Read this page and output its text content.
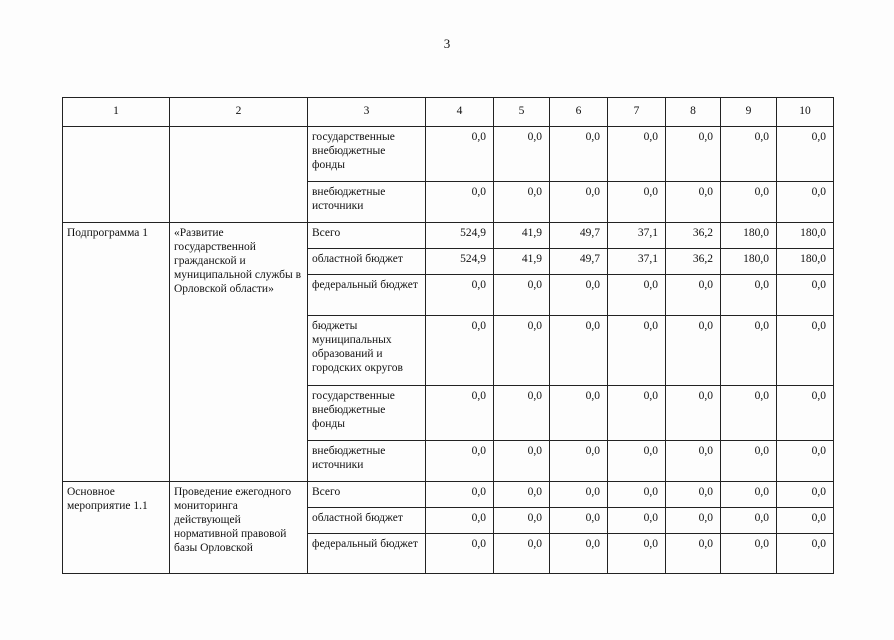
3
1	2	3	4	5	6	7	8	9	10
		государственные внебюджетные фонды	0,0	0,0	0,0	0,0	0,0	0,0	0,0
		внебюджетные источники	0,0	0,0	0,0	0,0	0,0	0,0	0,0
Подпрограмма 1	«Развитие государственной гражданской и муниципальной службы в Орловской области»	Всего	524,9	41,9	49,7	37,1	36,2	180,0	180,0
		областной бюджет	524,9	41,9	49,7	37,1	36,2	180,0	180,0
		федеральный бюджет	0,0	0,0	0,0	0,0	0,0	0,0	0,0
		бюджеты муниципальных образований и городских округов	0,0	0,0	0,0	0,0	0,0	0,0	0,0
		государственные внебюджетные фонды	0,0	0,0	0,0	0,0	0,0	0,0	0,0
		внебюджетные источники	0,0	0,0	0,0	0,0	0,0	0,0	0,0
Основное мероприятие 1.1	Проведение ежегодного мониторинга действующей нормативной правовой базы Орловской	Всего	0,0	0,0	0,0	0,0	0,0	0,0	0,0
		областной бюджет	0,0	0,0	0,0	0,0	0,0	0,0	0,0
		федеральный бюджет	0,0	0,0	0,0	0,0	0,0	0,0	0,0
